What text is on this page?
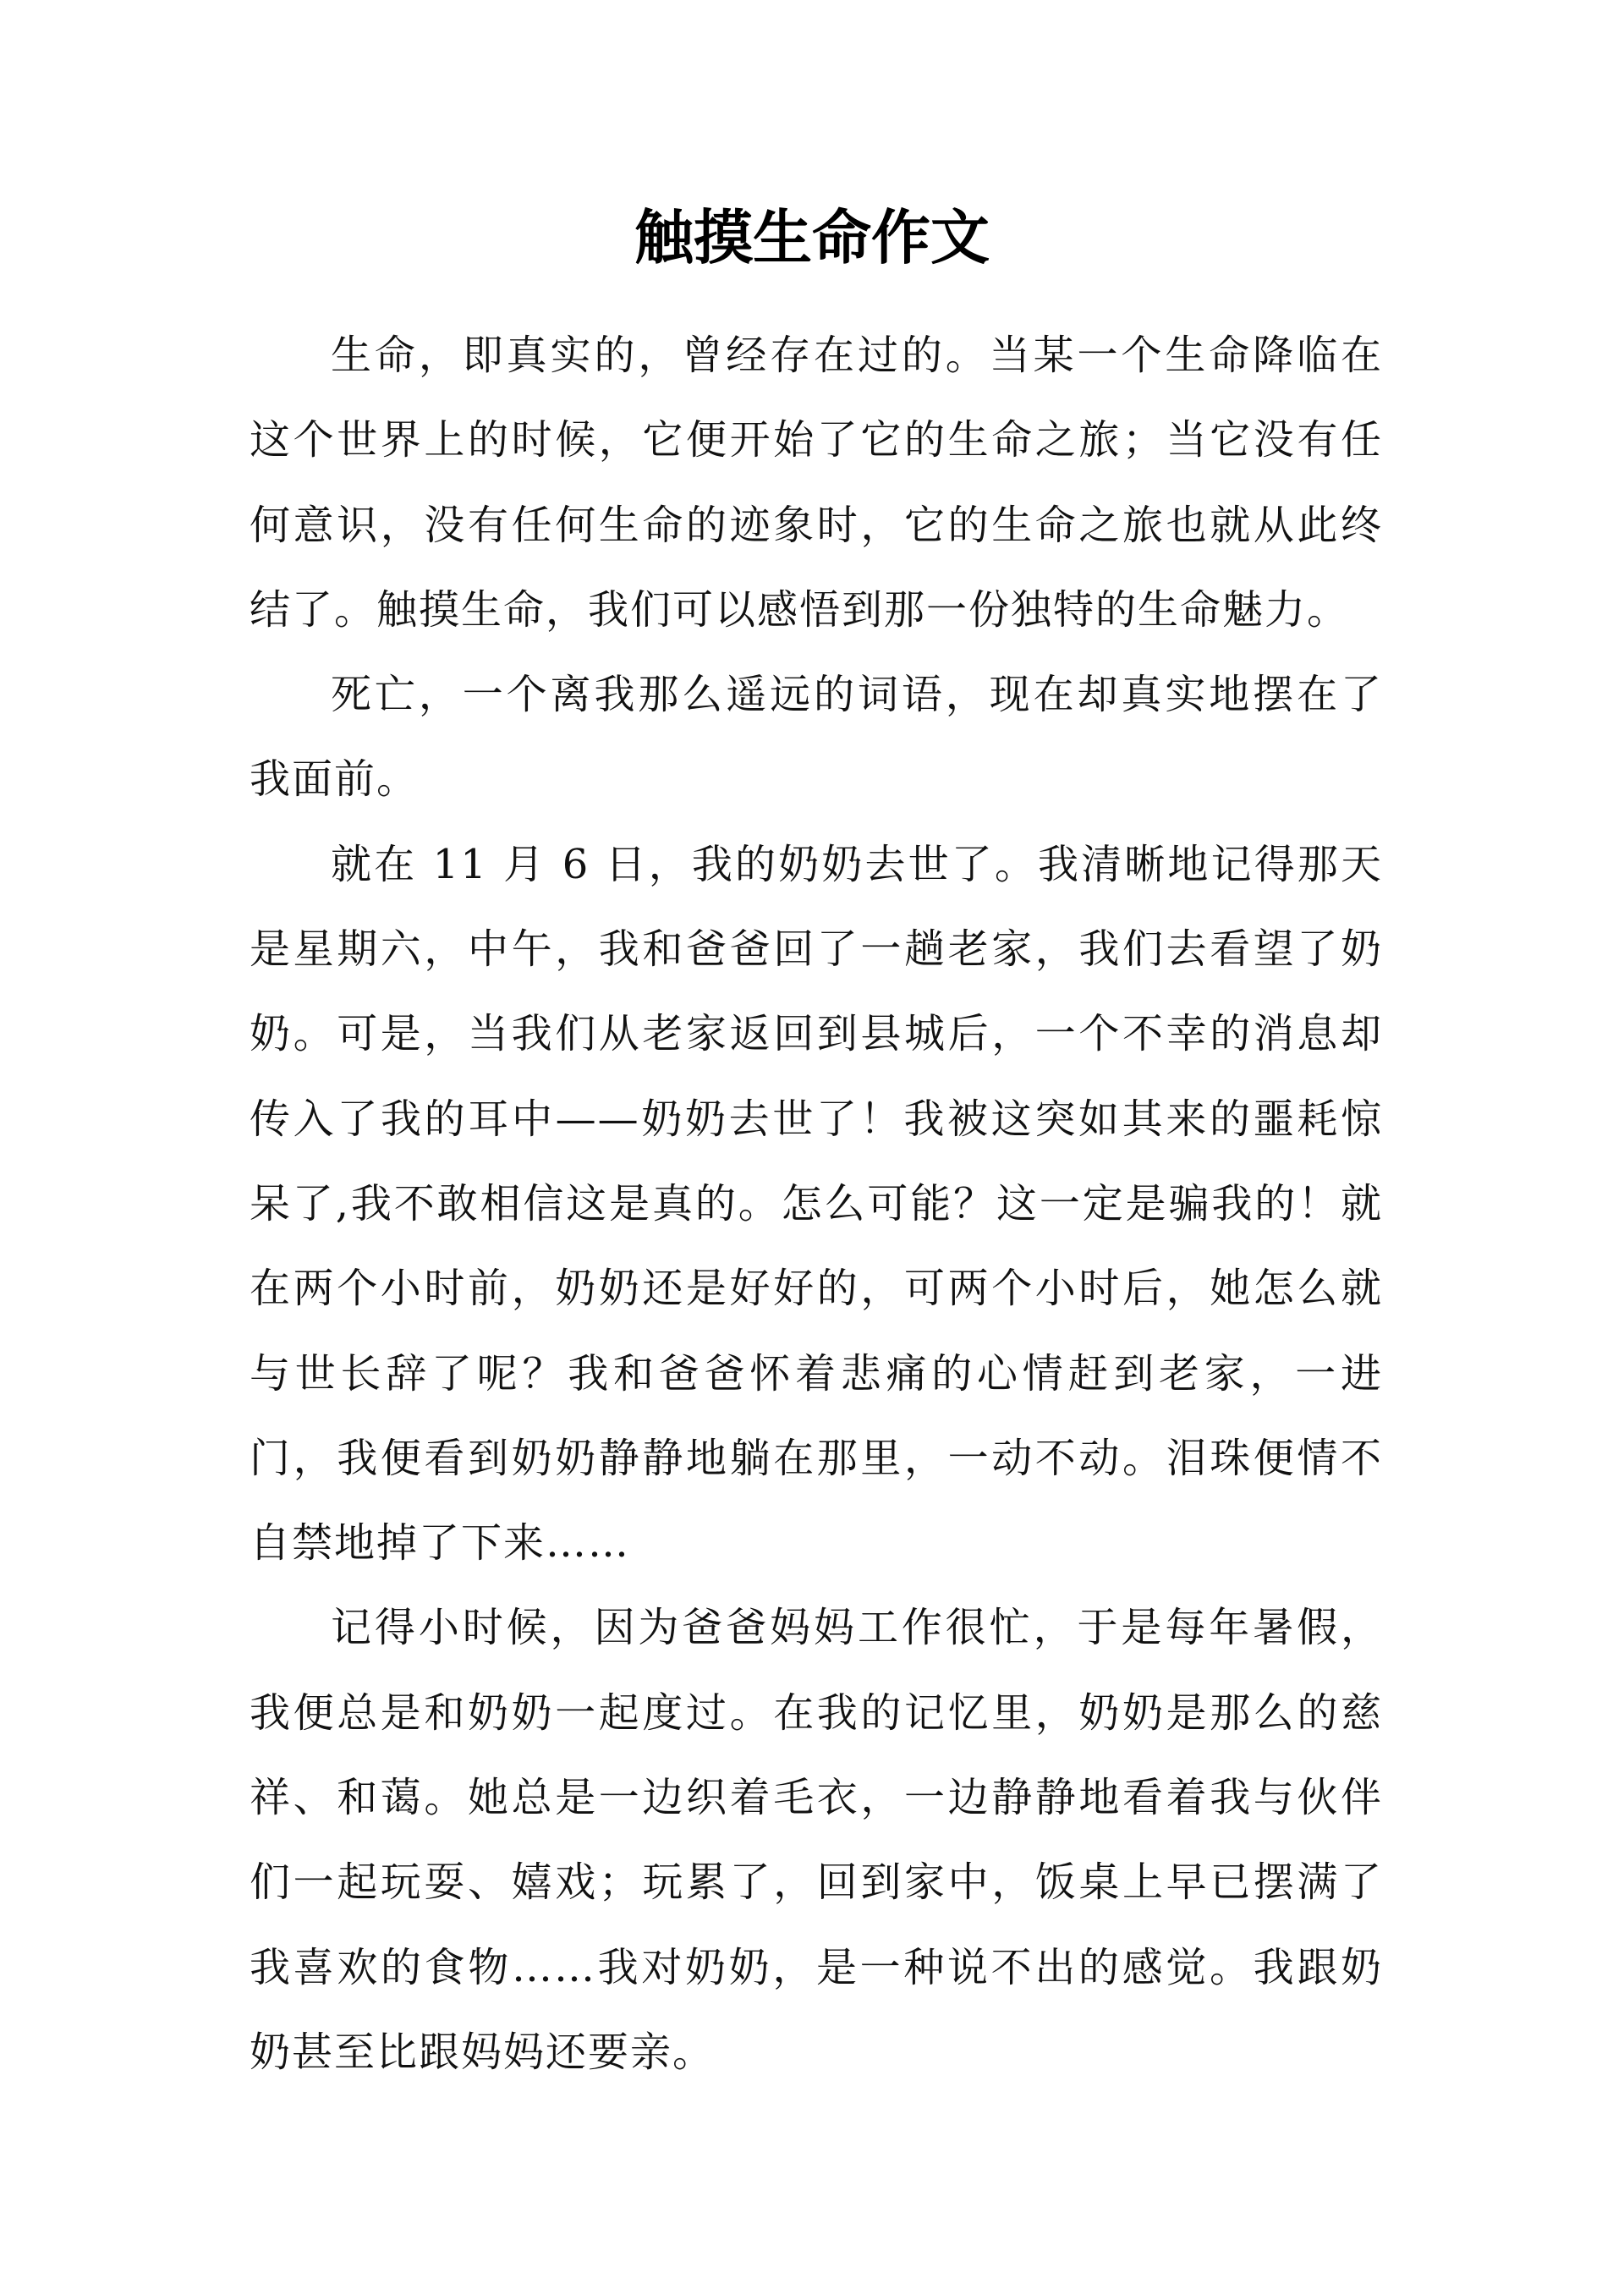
触摸生命作文

生命，即真实的，曾经存在过的。当某一个生命降临在这个世界上的时候，它便开始了它的生命之旅；当它没有任何意识，没有任何生命的迹象时，它的生命之旅也就从此终结了。触摸生命，我们可以感悟到那一份独特的生命魅力。

死亡，一个离我那么遥远的词语，现在却真实地摆在了我面前。

就在 11 月 6 日，我的奶奶去世了。我清晰地记得那天是星期六，中午，我和爸爸回了一趟老家，我们去看望了奶奶。可是，当我们从老家返回到县城后，一个不幸的消息却传入了我的耳中——奶奶去世了！我被这突如其来的噩耗惊呆了,我不敢相信这是真的。怎么可能？这一定是骗我的！就在两个小时前，奶奶还是好好的，可两个小时后，她怎么就与世长辞了呢？我和爸爸怀着悲痛的心情赶到老家，一进门，我便看到奶奶静静地躺在那里，一动不动。泪珠便情不自禁地掉了下来……

记得小时候，因为爸爸妈妈工作很忙，于是每年暑假，我便总是和奶奶一起度过。在我的记忆里，奶奶是那么的慈祥、和蔼。她总是一边织着毛衣，一边静静地看着我与伙伴们一起玩耍、嬉戏；玩累了，回到家中，饭桌上早已摆满了我喜欢的食物……我对奶奶，是一种说不出的感觉。我跟奶奶甚至比跟妈妈还要亲。
